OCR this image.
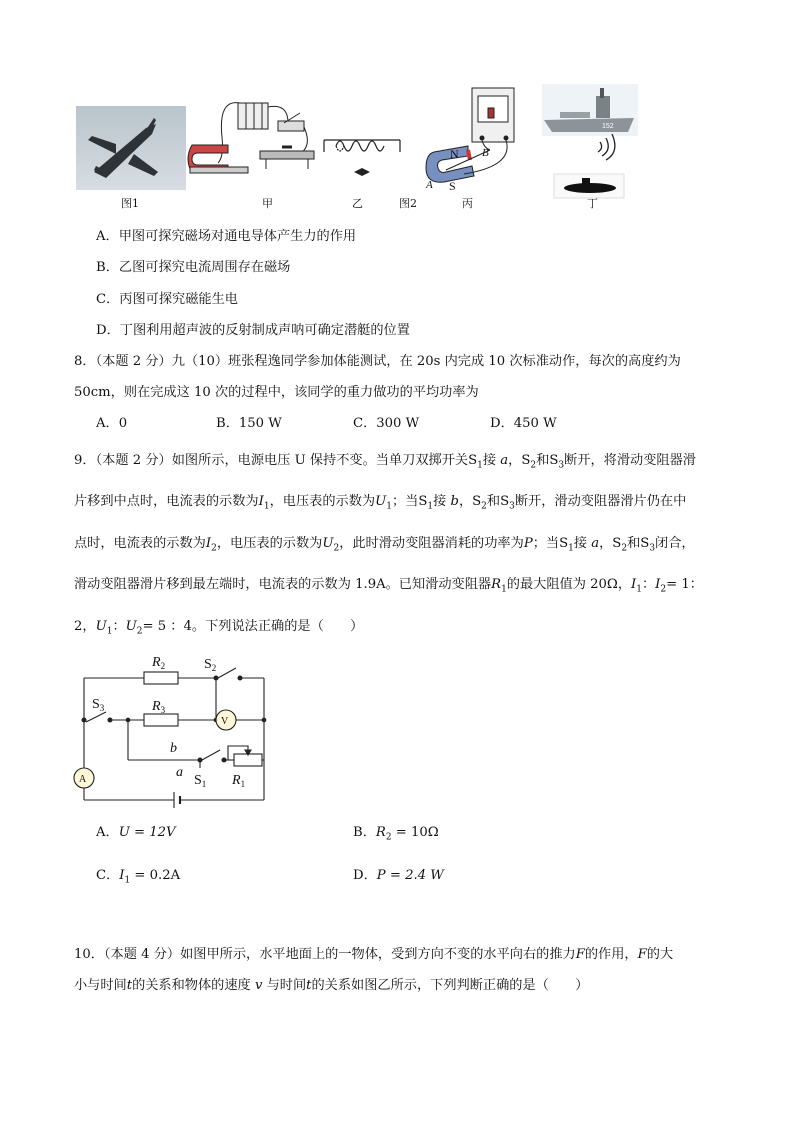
图1	甲	乙	图2
N
S
B
A
丙
152
丁
A．甲图可探究磁场对通电导体产生力的作用
B．乙图可探究电流周围存在磁场
C．丙图可探究磁能生电
D．丁图利用超声波的反射制成声呐可确定潜艇的位置
8．（本题 2 分）九（10）班张程逸同学参加体能测试，在 20s 内完成 10 次标准动作，每次的高度约为
50cm，则在完成这 10 次的过程中，该同学的重力做功的平均功率为
A．0	B．150 W	C．300 W	D．450 W
9．（本题 2 分）如图所示，电源电压 U 保持不变。当单刀双掷开关$S_1$接 a，$S_2$和$S_3$断开，将滑动变阻器滑
片移到中点时，电流表的示数为$I_1$，电压表的示数为$U_1$；当$S_1$接 b，$S_2$和$S_3$断开，滑动变阻器滑片仍在中
点时，电流表的示数为$I_2$，电压表的示数为$U_2$，此时滑动变阻器消耗的功率为P；当$S_1$接 a，$S_2$和$S_3$闭合，
滑动变阻器滑片移到最左端时，电流表的示数为 1.9A。已知滑动变阻器$R_1$的最大阻值为 20Ω，$I_1$：$I_2= 1$：
2，$U_1$：$U_2= 5$ ：4。下列说法正确的是（　　）
$R_2$	$S_2$
$S_3$	$R_3$
V
A
b
a
$S_1$ $R_1$
A．U = 12V	B．$R_2 = 10\Omega$
C．$I_1 = 0.2A$	D．P = 2.4 W
10．（本题 4 分）如图甲所示，水平地面上的一物体，受到方向不变的水平向右的推力F的作用，F的大
小与时间t的关系和物体的速度 v 与时间t的关系如图乙所示，下列判断正确的是（　　）
